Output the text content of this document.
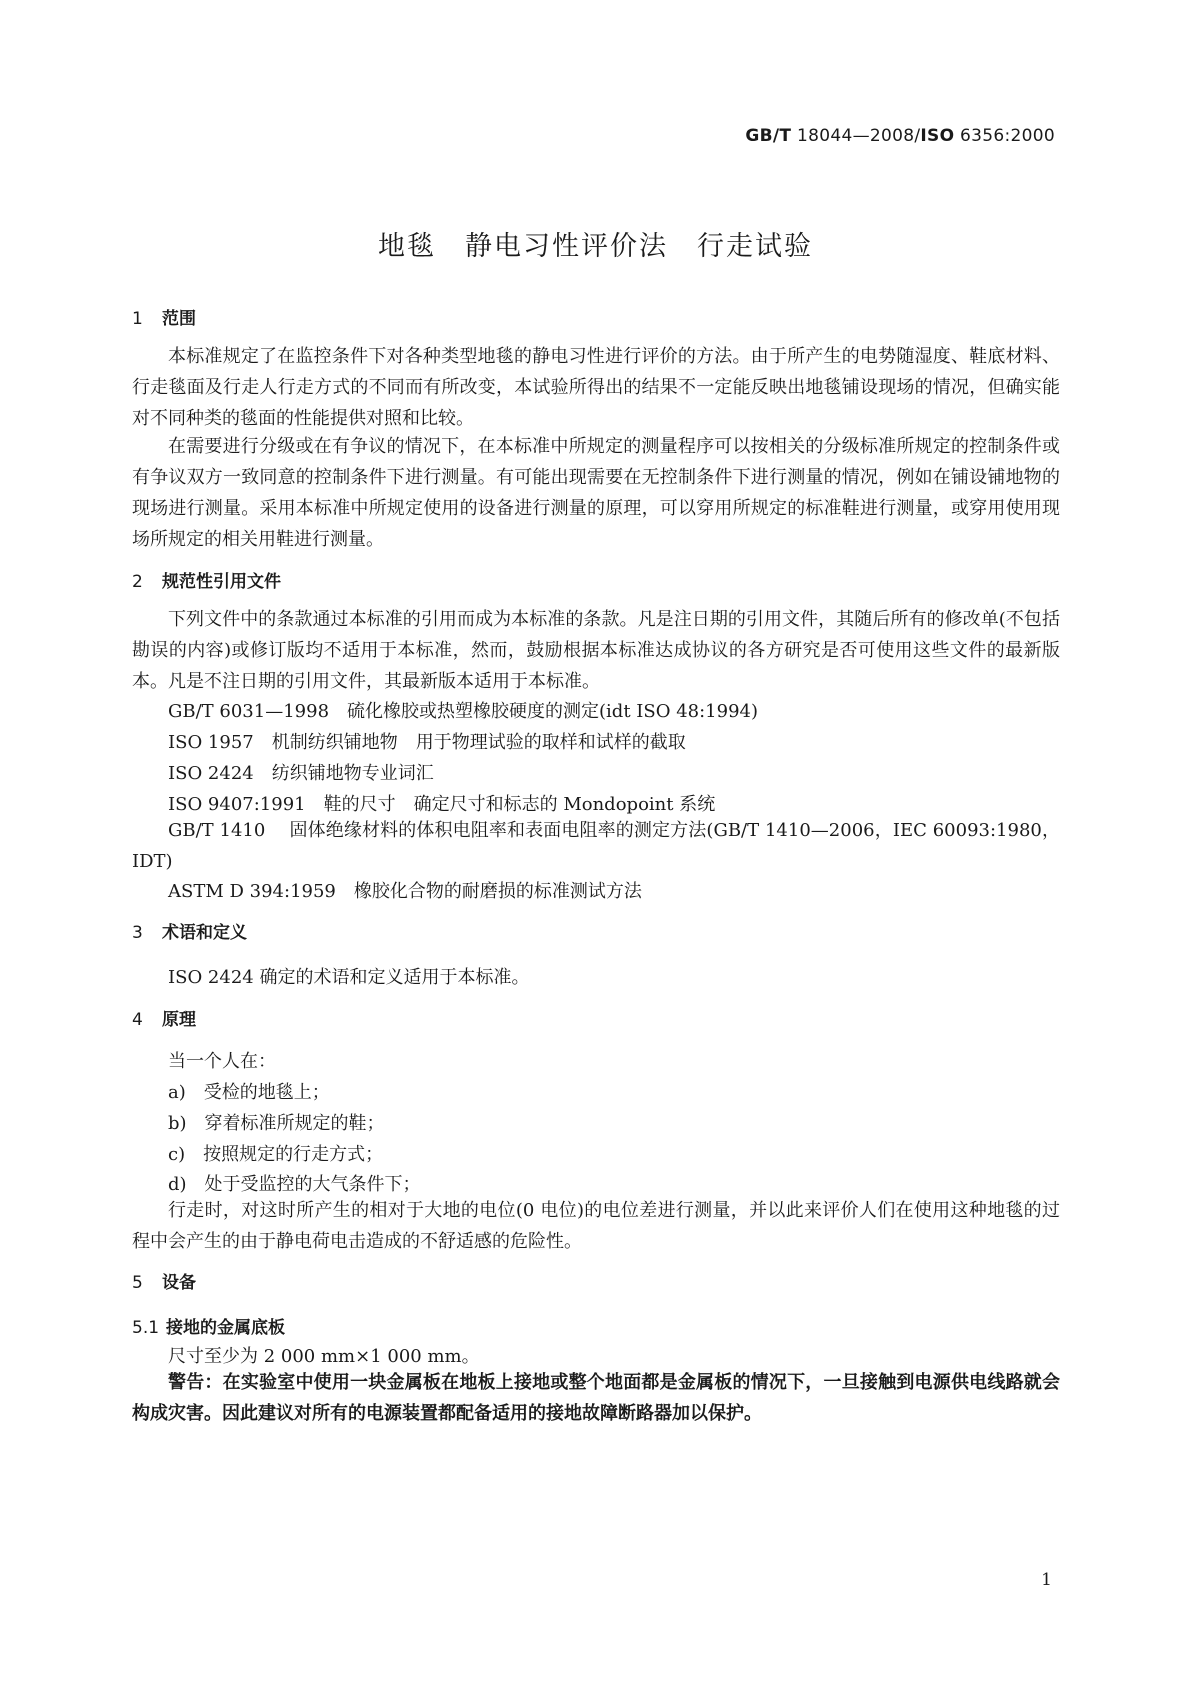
GB/T 18044—2008/ISO 6356:2000
地毯　静电习性评价法　行走试验
1 范围

本标准规定了在监控条件下对各种类型地毯的静电习性进行评价的方法。由于所产生的电势随湿度、鞋底材料、行走毯面及行走人行走方式的不同而有所改变，本试验所得出的结果不一定能反映出地毯铺设现场的情况，但确实能对不同种类的毯面的性能提供对照和比较。

在需要进行分级或在有争议的情况下，在本标准中所规定的测量程序可以按相关的分级标准所规定的控制条件或有争议双方一致同意的控制条件下进行测量。有可能出现需要在无控制条件下进行测量的情况，例如在铺设铺地物的现场进行测量。采用本标准中所规定使用的设备进行测量的原理，可以穿用所规定的标准鞋进行测量，或穿用使用现场所规定的相关用鞋进行测量。

2 规范性引用文件

下列文件中的条款通过本标准的引用而成为本标准的条款。凡是注日期的引用文件，其随后所有的修改单(不包括勘误的内容)或修订版均不适用于本标准，然而，鼓励根据本标准达成协议的各方研究是否可使用这些文件的最新版本。凡是不注日期的引用文件，其最新版本适用于本标准。

GB/T 6031—1998　硫化橡胶或热塑橡胶硬度的测定(idt ISO 48:1994)
ISO 1957　机制纺织铺地物　用于物理试验的取样和试样的截取
ISO 2424　纺织铺地物专业词汇
ISO 9407:1991　鞋的尺寸　确定尺寸和标志的 Mondopoint 系统

GB/T 1410　 固体绝缘材料的体积电阻率和表面电阻率的测定方法(GB/T 1410—2006，IEC 60093:1980，IDT)

ASTM D 394:1959　橡胶化合物的耐磨损的标准测试方法
3 术语和定义
ISO 2424 确定的术语和定义适用于本标准。
4 原理
当一个人在：
a)　受检的地毯上；
b)　穿着标准所规定的鞋；
c)　按照规定的行走方式；
d)　处于受监控的大气条件下；

行走时，对这时所产生的相对于大地的电位(0 电位)的电位差进行测量，并以此来评价人们在使用这种地毯的过程中会产生的由于静电荷电击造成的不舒适感的危险性。

5 设备
5.1 接地的金属底板
尺寸至少为 2 000 mm×1 000 mm。

警告：在实验室中使用一块金属板在地板上接地或整个地面都是金属板的情况下，一旦接触到电源供电线路就会构成灾害。因此建议对所有的电源装置都配备适用的接地故障断路器加以保护。

1
